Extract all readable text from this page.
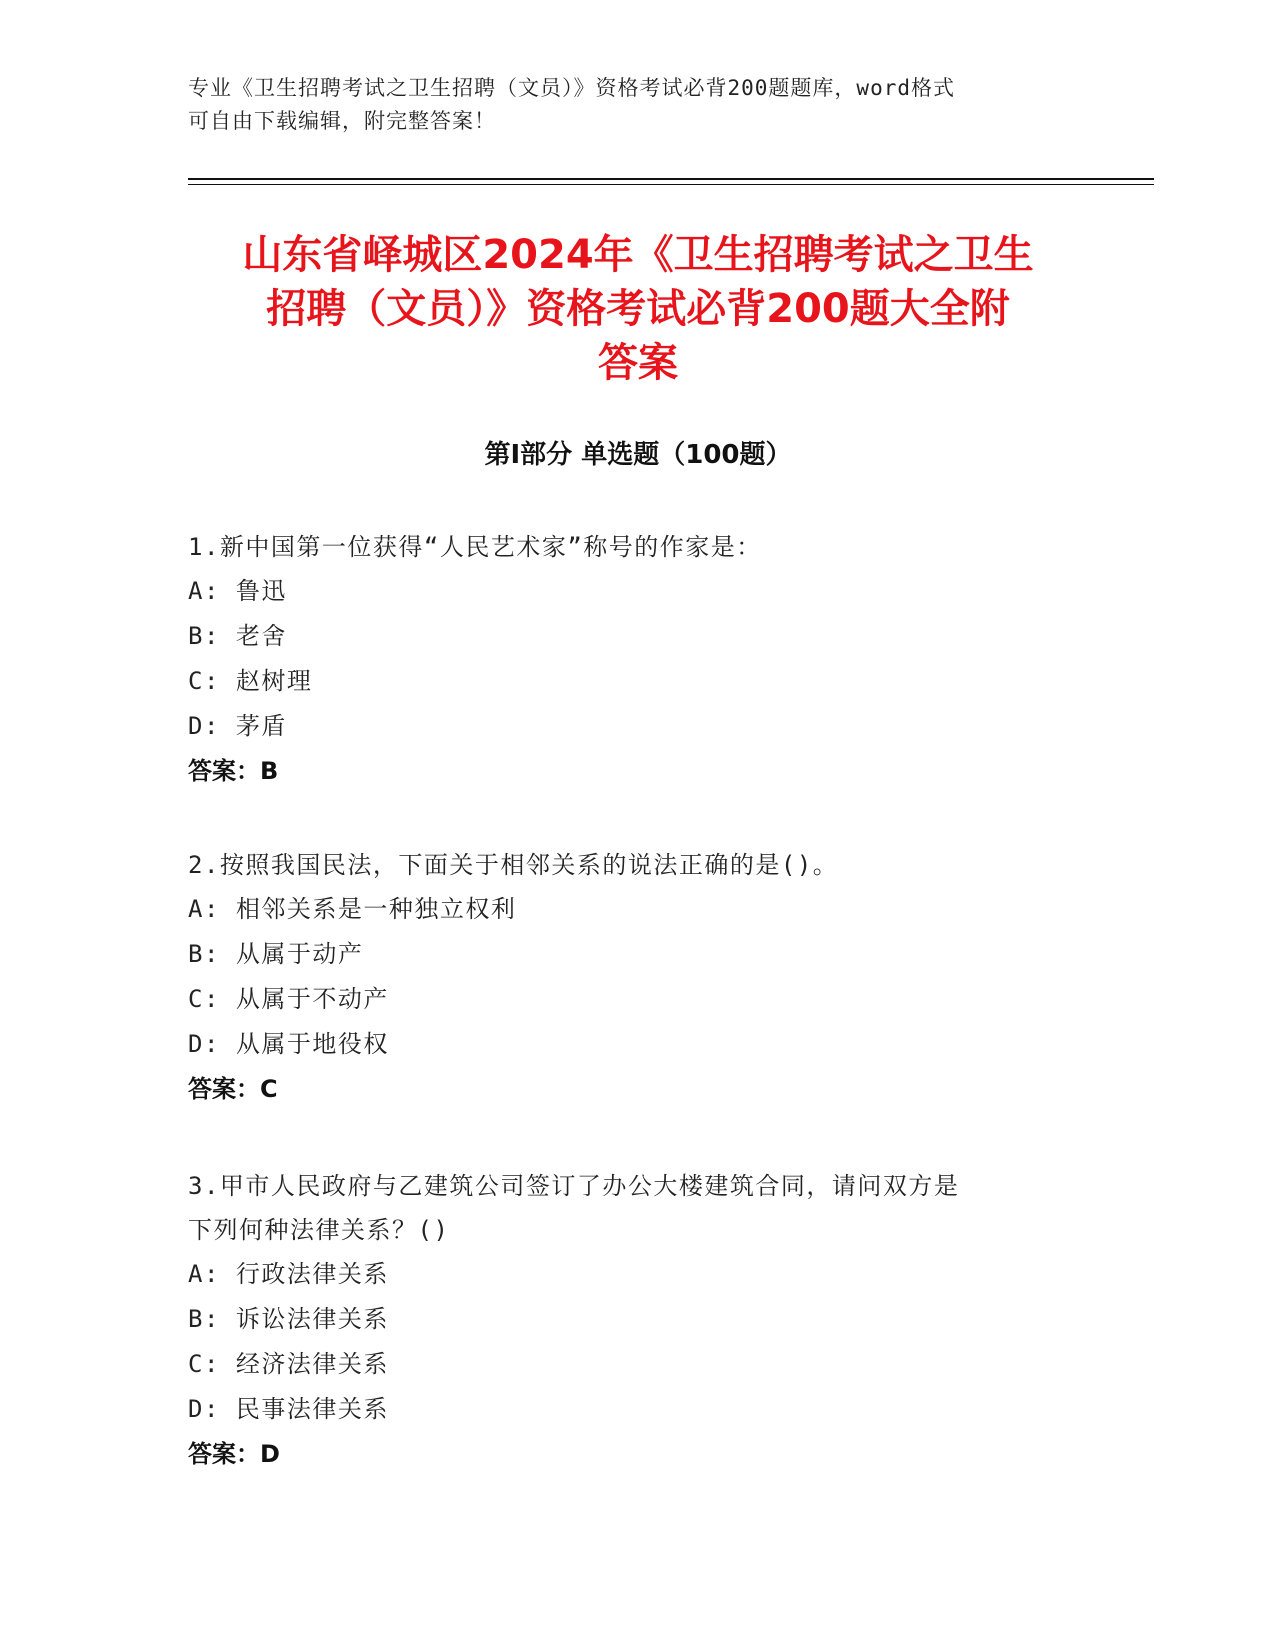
专业《卫生招聘考试之卫生招聘（文员）》资格考试必背200题题库，word格式
可自由下载编辑，附完整答案！
山东省峄城区2024年《卫生招聘考试之卫生
招聘（文员）》资格考试必背200题大全附
答案
第Ⅰ部分 单选题（100题）
1.新中国第一位获得“人民艺术家”称号的作家是：
A: 鲁迅
B: 老舍
C: 赵树理
D: 茅盾
答案：B
2.按照我国民法，下面关于相邻关系的说法正确的是()。
A: 相邻关系是一种独立权利
B: 从属于动产
C: 从属于不动产
D: 从属于地役权
答案：C
3.甲市人民政府与乙建筑公司签订了办公大楼建筑合同，请问双方是
下列何种法律关系？()
A: 行政法律关系
B: 诉讼法律关系
C: 经济法律关系
D: 民事法律关系
答案：D
